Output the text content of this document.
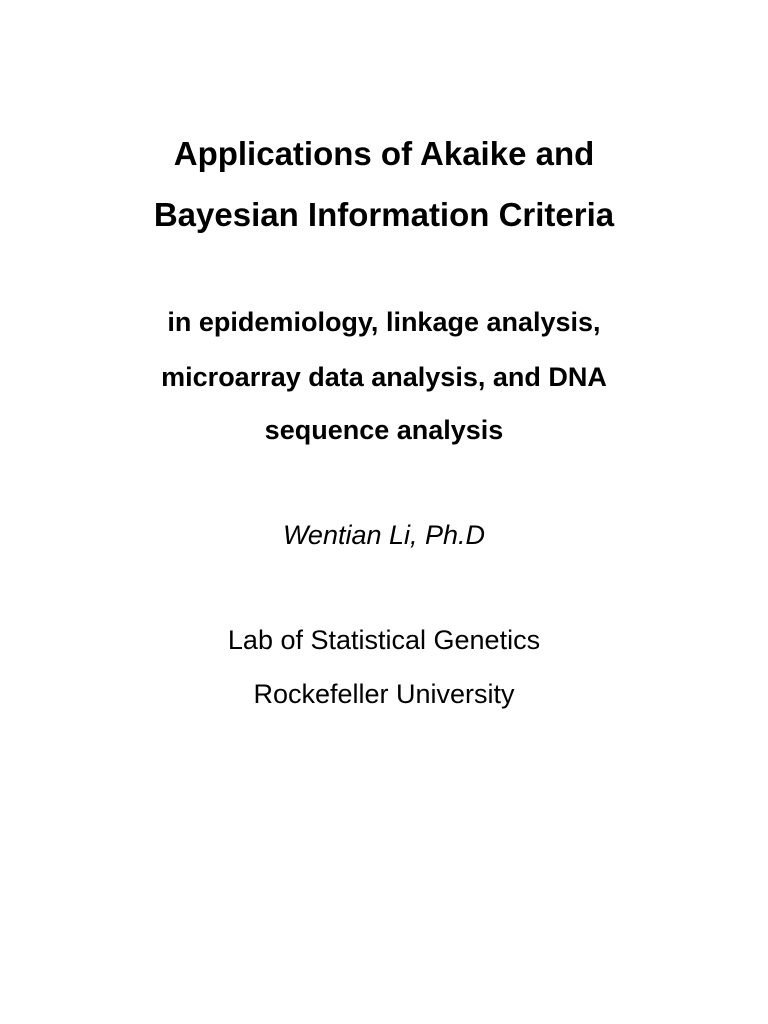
Applications of Akaike and
Bayesian Information Criteria
in epidemiology, linkage analysis,
microarray data analysis, and DNA
sequence analysis
Wentian Li, Ph.D
Lab of Statistical Genetics
Rockefeller University
